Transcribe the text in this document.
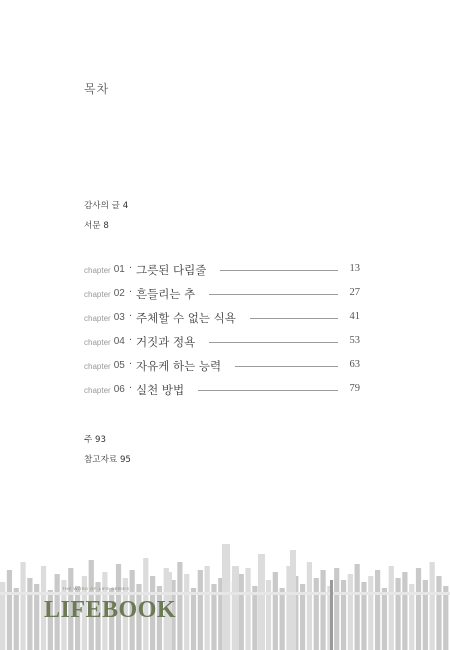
목차
감사의 글 4
서문 8
chapter 01 · 그릇된 다림줄	13
chapter 02 · 흔들리는 추	27
chapter 03 · 주체할 수 없는 식욕	41
chapter 04 · 거짓과 정욕	53
chapter 05 · 자유케 하는 능력	63
chapter 06 · 실천 방법	79
주 93
참고자료 95
THE WORD OF LIFE SERIES
LIFEBOOK
